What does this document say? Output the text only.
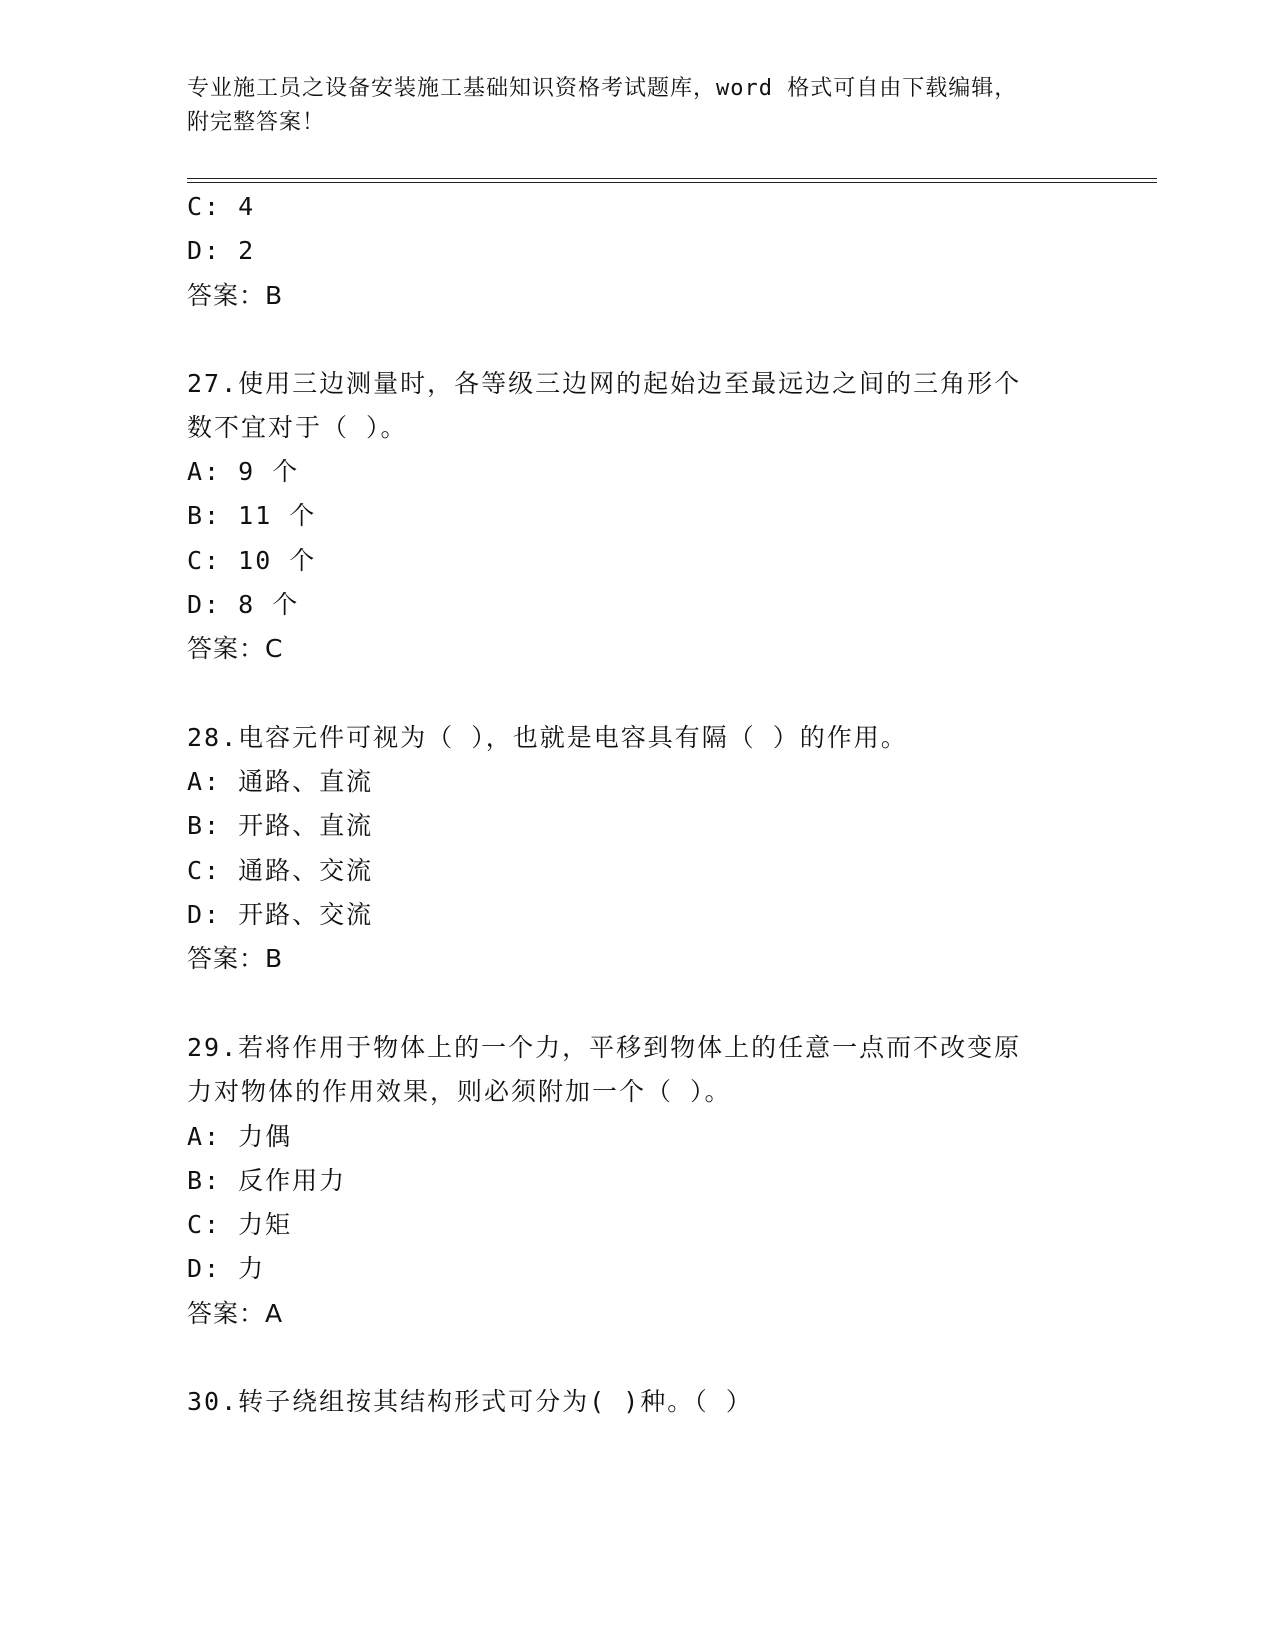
专业施工员之设备安装施工基础知识资格考试题库，word 格式可自由下载编辑，
附完整答案！
C: 4
D: 2
答案：B
27.使用三边测量时，各等级三边网的起始边至最远边之间的三角形个
数不宜对于（ ）。
A: 9 个
B: 11 个
C: 10 个
D: 8 个
答案：C
28.电容元件可视为（ ），也就是电容具有隔（ ）的作用。
A: 通路、直流
B: 开路、直流
C: 通路、交流
D: 开路、交流
答案：B
29.若将作用于物体上的一个力，平移到物体上的任意一点而不改变原
力对物体的作用效果，则必须附加一个（ ）。
A: 力偶
B: 反作用力
C: 力矩
D: 力
答案：A
30.转子绕组按其结构形式可分为( )种。（ ）
